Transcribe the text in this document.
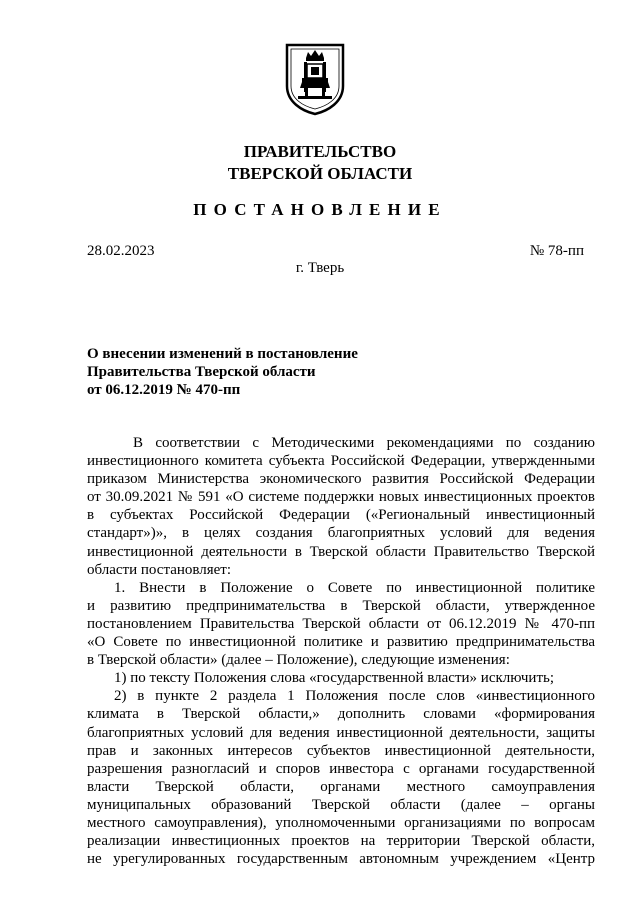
ПРАВИТЕЛЬСТВО
ТВЕРСКОЙ ОБЛАСТИ
ПОСТАНОВЛЕНИЕ
28.02.2023	№ 78-пп
г. Тверь
О внесении изменений в постановление
Правительства Тверской области
от 06.12.2019 № 470-пп
В соответствии с Методическими рекомендациями по созданию
инвестиционного комитета субъекта Российской Федерации, утвержденными
приказом Министерства экономического развития Российской Федерации
от 30.09.2021 № 591 «О системе поддержки новых инвестиционных проектов
в субъектах Российской Федерации («Региональный инвестиционный
стандарт»)», в целях создания благоприятных условий для ведения
инвестиционной деятельности в Тверской области Правительство Тверской
области постановляет:
1. Внести в Положение о Совете по инвестиционной политике
и развитию предпринимательства в Тверской области, утвержденное
постановлением Правительства Тверской области от 06.12.2019 № 470-пп
«О Совете по инвестиционной политике и развитию предпринимательства
в Тверской области» (далее – Положение), следующие изменения:
1) по тексту Положения слова «государственной власти» исключить;
2) в пункте 2 раздела 1 Положения после слов «инвестиционного
климата в Тверской области,» дополнить словами «формирования
благоприятных условий для ведения инвестиционной деятельности, защиты
прав и законных интересов субъектов инвестиционной деятельности,
разрешения разногласий и споров инвестора с органами государственной
власти Тверской области, органами местного самоуправления
муниципальных образований Тверской области (далее – органы
местного самоуправления), уполномоченными организациями по вопросам
реализации инвестиционных проектов на территории Тверской области,
не урегулированных государственным автономным учреждением «Центр
